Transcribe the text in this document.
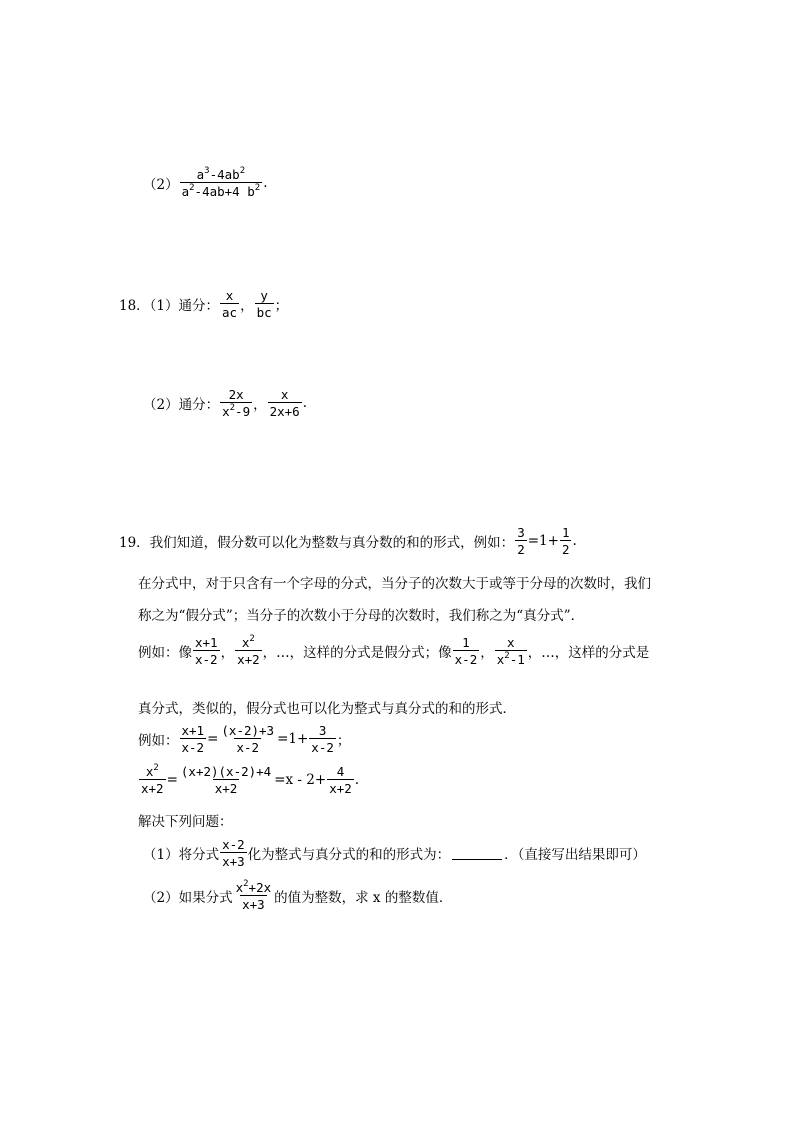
$(2) \frac{a^3-4ab^2}{a^2-4ab+4 b^2}$ .
18．（1）通分： $\frac{x}{ac}$ ， $\frac{y}{bc}$ ；
（2）通分： $\frac{2x}{x^2-9}$ ， $\frac{x}{2x+6}$ .
19．我们知道，假分数可以化为整数与真分数的和的形式，例如： $\frac{3}{2} =1+ \frac{1}{2}$ .
在分式中，对于只含有一个字母的分式，当分子的次数大于或等于分母的次数时，我们
称之为“假分式”；当分子的次数小于分母的次数时，我们称之为“真分式”．
例如：像 $\frac{x+1}{x-2}$ ， $\frac{x^2}{x+2}$ ，…，这样的分式是假分式；像 $\frac{1}{x-2}$ ， $\frac{x}{x^2-1}$ ，…，这样的分式是
真分式，类似的，假分式也可以化为整式与真分式的和的形式．
例如： $\frac{x+1}{x-2} = \frac{(x-2)+3}{x-2} =1+ \frac{3}{x-2}$ ；
$\frac{x^2}{x+2} = \frac{(x+2)(x-2)+4}{x+2} =x - 2+ \frac{4}{x+2}$ .
解决下列问题：
（1）将分式 $\frac{x-2}{x+3}$ 化为整式与真分式的和的形式为：	．（直接写出结果即可）
（2）如果分式 $\frac{x^2+2x}{x+3}$ 的值为整数，求 x 的整数值．
